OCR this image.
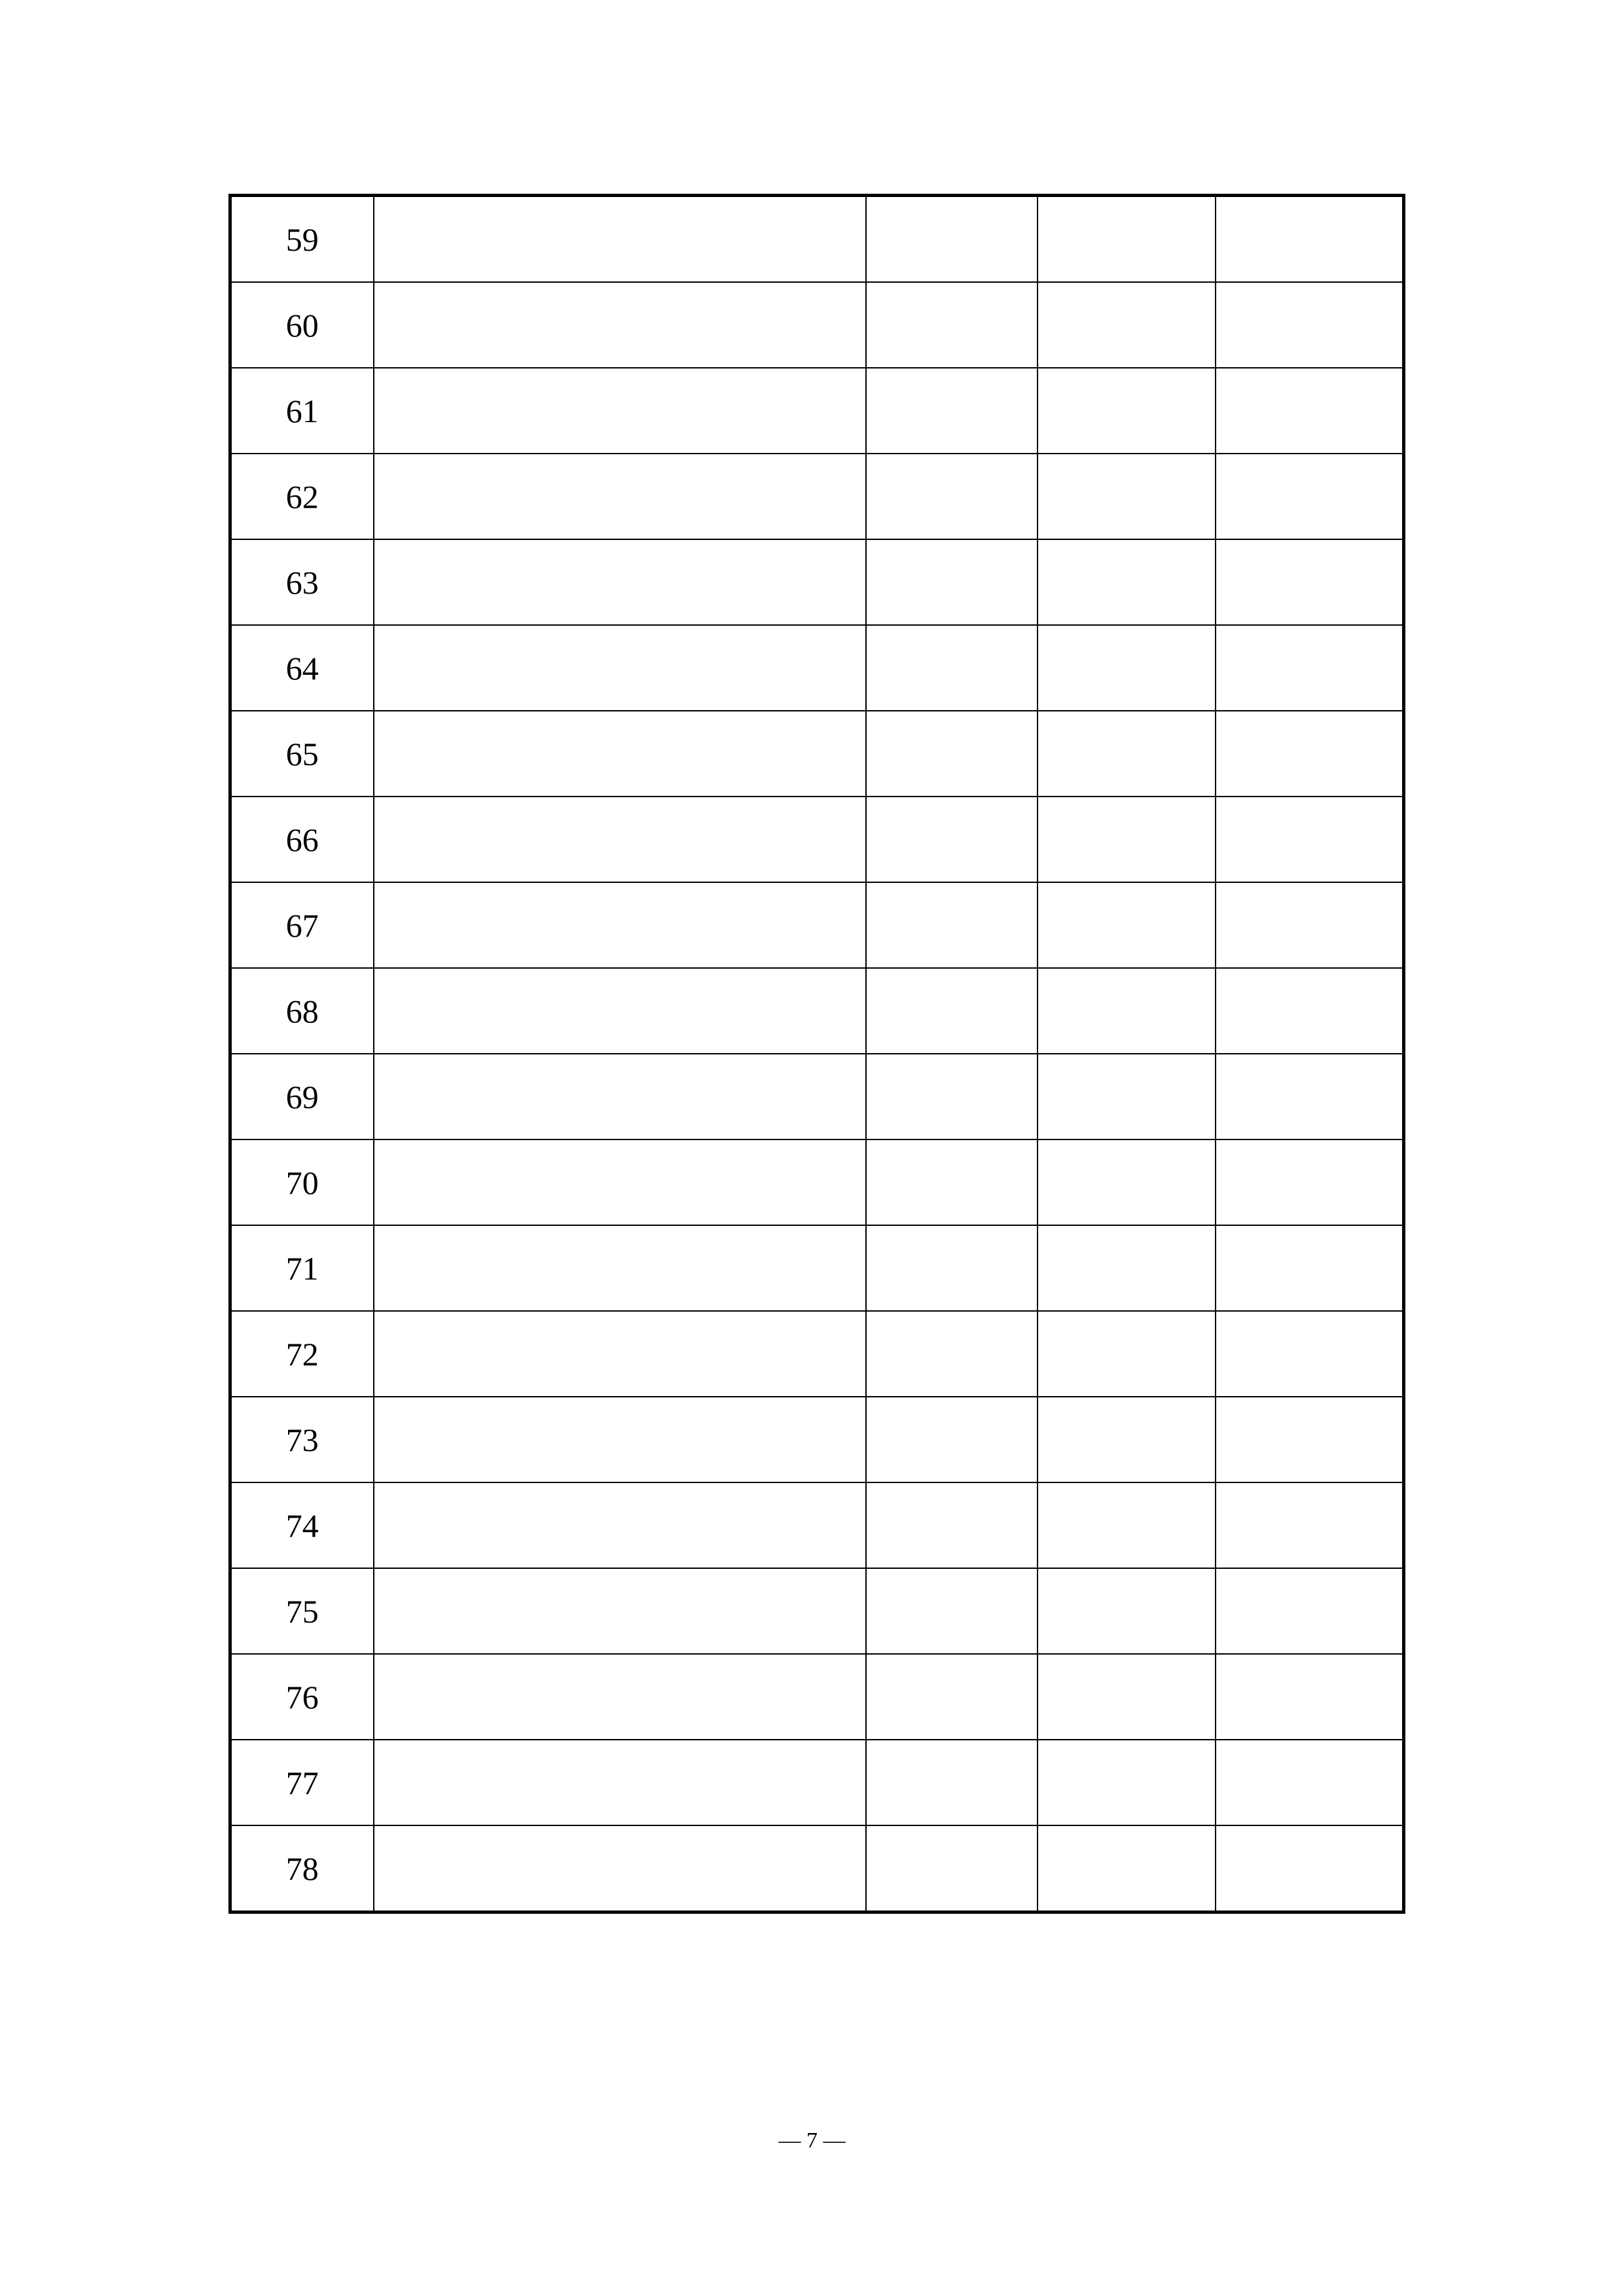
59				
60				
61				
62				
63				
64				
65				
66				
67				
68				
69				
70				
71				
72				
73				
74				
75				
76				
77				
78				
— 7 —
